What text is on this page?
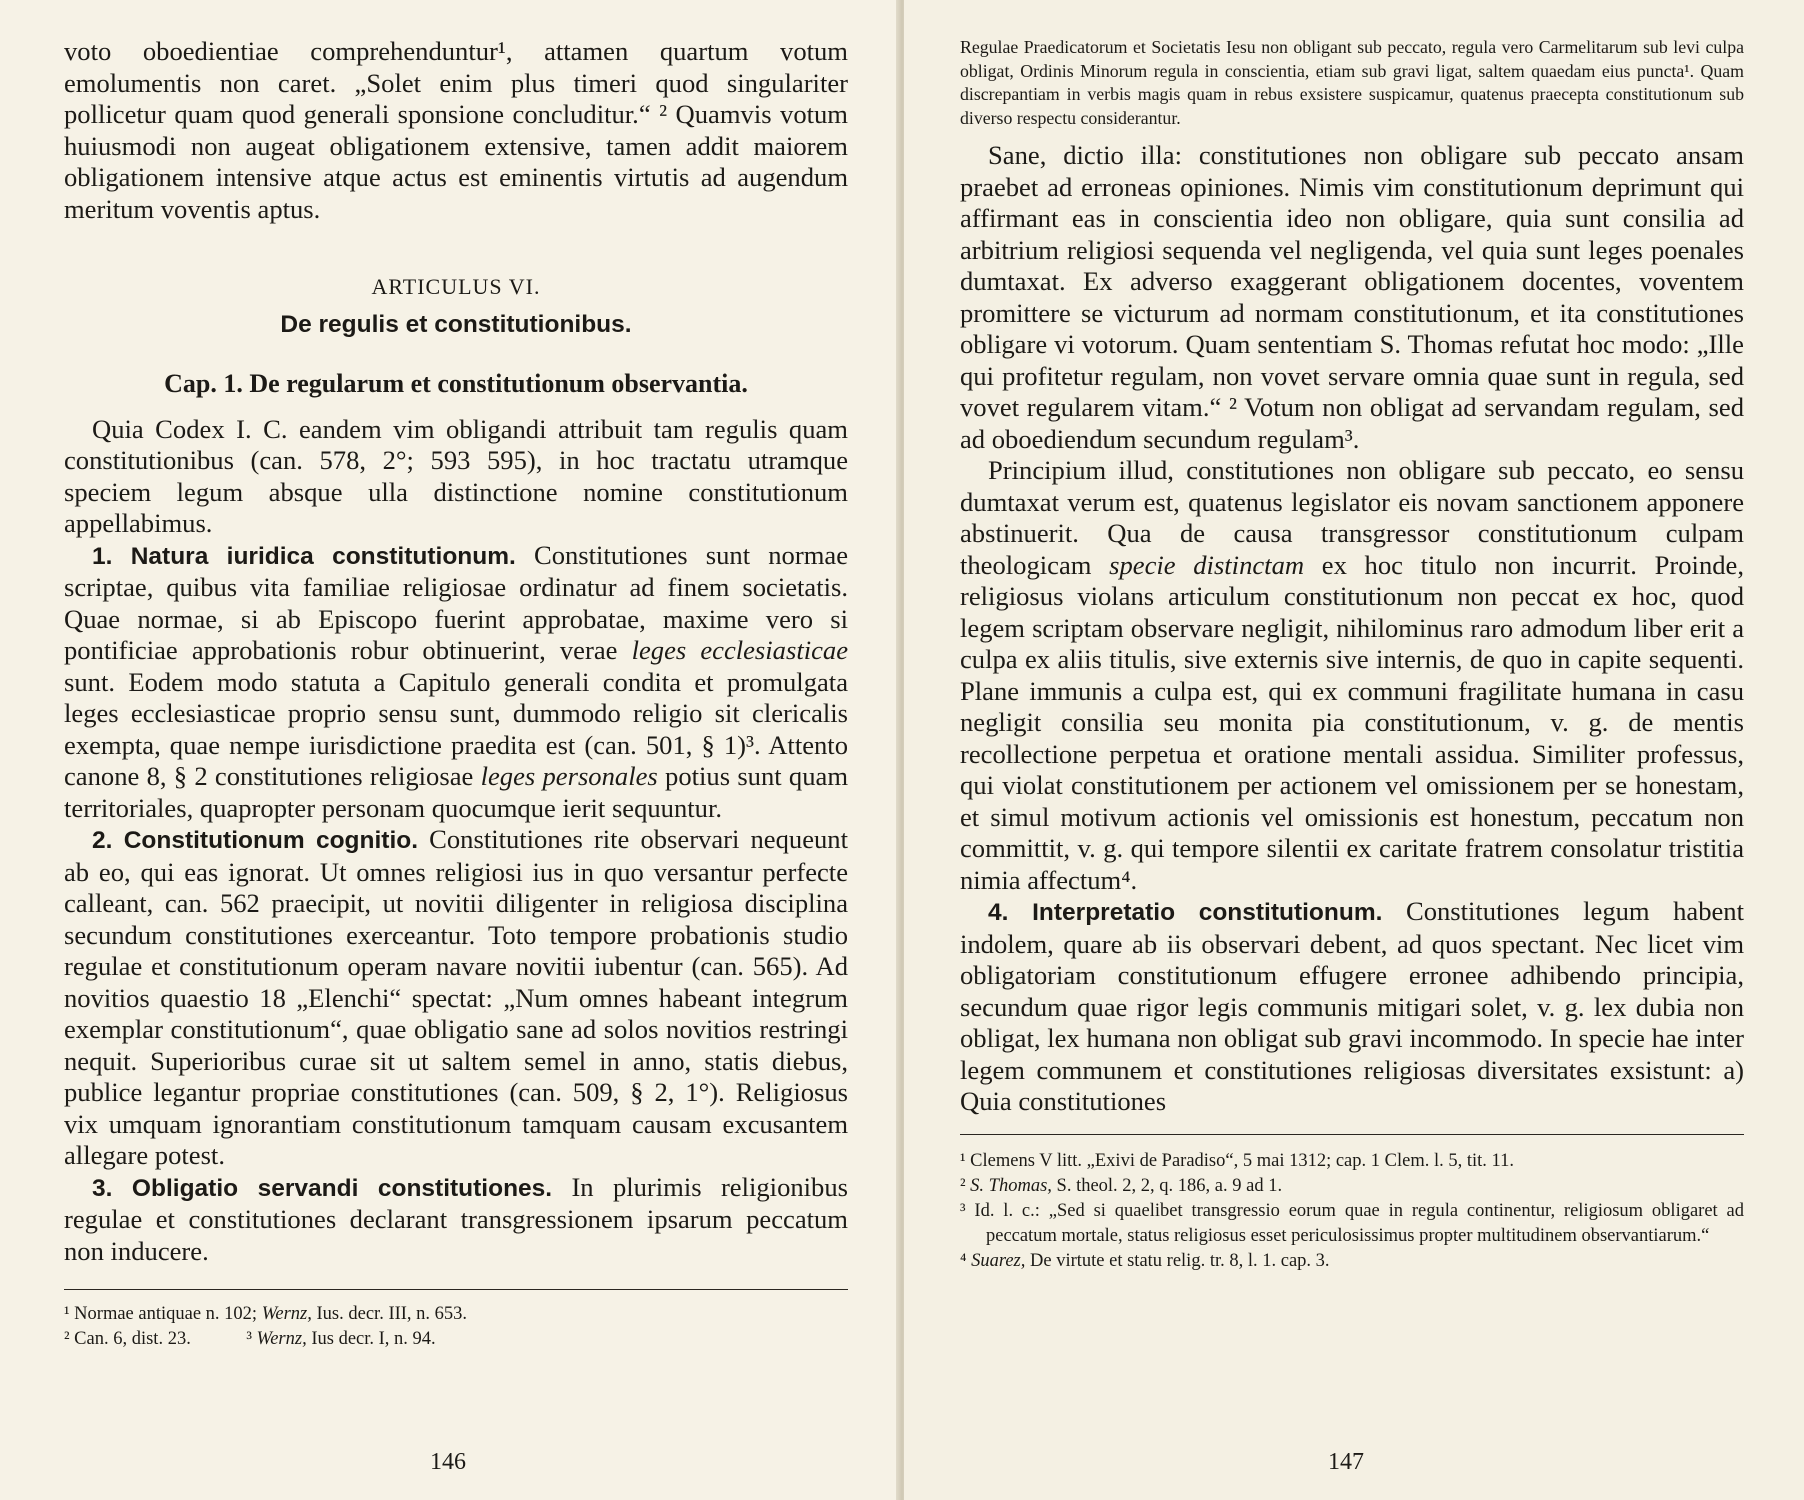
voto oboedientiae comprehenduntur¹, attamen quartum votum emolumentis non caret. „Solet enim plus timeri quod singulariter pollicetur quam quod generali sponsione concluditur.“ ² Quamvis votum huiusmodi non augeat obligationem extensive, tamen addit maiorem obligationem intensive atque actus est eminentis virtutis ad augendum meritum voventis aptus.

ARTICULUS VI.
De regulis et constitutionibus.
Cap. 1. De regularum et constitutionum observantia.

Quia Codex I. C. eandem vim obligandi attribuit tam regulis quam constitutionibus (can. 578, 2°; 593 595), in hoc tractatu utramque speciem legum absque ulla distinctione nomine constitutionum appellabimus.

1. Natura iuridica constitutionum. Constitutiones sunt normae scriptae, quibus vita familiae religiosae ordinatur ad finem societatis. Quae normae, si ab Episcopo fuerint approbatae, maxime vero si pontificiae approbationis robur obtinuerint, verae leges ecclesiasticae sunt. Eodem modo statuta a Capitulo generali condita et promulgata leges ecclesiasticae proprio sensu sunt, dummodo religio sit clericalis exempta, quae nempe iurisdictione praedita est (can. 501, § 1)³. Attento canone 8, § 2 constitutiones religiosae leges personales potius sunt quam territoriales, quapropter personam quocumque ierit sequuntur.

2. Constitutionum cognitio. Constitutiones rite observari nequeunt ab eo, qui eas ignorat. Ut omnes religiosi ius in quo versantur perfecte calleant, can. 562 praecipit, ut novitii diligenter in religiosa disciplina secundum constitutiones exerceantur. Toto tempore probationis studio regulae et constitutionum operam navare novitii iubentur (can. 565). Ad novitios quaestio 18 „Elenchi“ spectat: „Num omnes habeant integrum exemplar constitutionum“, quae obligatio sane ad solos novitios restringi nequit. Superioribus curae sit ut saltem semel in anno, statis diebus, publice legantur propriae constitutiones (can. 509, § 2, 1°). Religiosus vix umquam ignorantiam constitutionum tamquam causam excusantem allegare potest.

3. Obligatio servandi constitutiones. In plurimis religionibus regulae et constitutiones declarant transgressionem ipsarum peccatum non inducere.

¹ Normae antiquae n. 102; Wernz, Ius. decr. III, n. 653.

² Can. 6, dist. 23.   	³ Wernz, Ius decr. I, n. 94.

146

Regulae Praedicatorum et Societatis Iesu non obligant sub peccato, regula vero Carmelitarum sub levi culpa obligat, Ordinis Minorum regula in conscientia, etiam sub gravi ligat, saltem quaedam eius puncta¹. Quam discrepantiam in verbis magis quam in rebus exsistere suspicamur, quatenus praecepta constitutionum sub diverso respectu considerantur.

Sane, dictio illa: constitutiones non obligare sub peccato ansam praebet ad erroneas opiniones. Nimis vim constitutionum deprimunt qui affirmant eas in conscientia ideo non obligare, quia sunt consilia ad arbitrium religiosi sequenda vel negligenda, vel quia sunt leges poenales dumtaxat. Ex adverso exaggerant obligationem docentes, voventem promittere se victurum ad normam constitutionum, et ita constitutiones obligare vi votorum. Quam sententiam S. Thomas refutat hoc modo: „Ille qui profitetur regulam, non vovet servare omnia quae sunt in regula, sed vovet regularem vitam.“ ² Votum non obligat ad servandam regulam, sed ad oboediendum secundum regulam³.

Principium illud, constitutiones non obligare sub peccato, eo sensu dumtaxat verum est, quatenus legislator eis novam sanctionem apponere abstinuerit. Qua de causa transgressor constitutionum culpam theologicam specie distinctam ex hoc titulo non incurrit. Proinde, religiosus violans articulum constitutionum non peccat ex hoc, quod legem scriptam observare negligit, nihilominus raro admodum liber erit a culpa ex aliis titulis, sive externis sive internis, de quo in capite sequenti. Plane immunis a culpa est, qui ex communi fragilitate humana in casu negligit consilia seu monita pia constitutionum, v. g. de mentis recollectione perpetua et oratione mentali assidua. Similiter professus, qui violat constitutionem per actionem vel omissionem per se honestam, et simul motivum actionis vel omissionis est honestum, peccatum non committit, v. g. qui tempore silentii ex caritate fratrem consolatur tristitia nimia affectum⁴.

4. Interpretatio constitutionum. Constitutiones legum habent indolem, quare ab iis observari debent, ad quos spectant. Nec licet vim obligatoriam constitutionum effugere erronee adhibendo principia, secundum quae rigor legis communis mitigari solet, v. g. lex dubia non obligat, lex humana non obligat sub gravi incommodo. In specie hae inter legem communem et constitutiones religiosas diversitates exsistunt: a) Quia constitutiones

¹ Clemens V litt. „Exivi de Paradiso“, 5 mai 1312; cap. 1 Clem. l. 5, tit. 11.

² S. Thomas, S. theol. 2, 2, q. 186, a. 9 ad 1.

³ Id. l. c.: „Sed si quaelibet transgressio eorum quae in regula continentur, religiosum obligaret ad peccatum mortale, status religiosus esset periculosissimus propter multitudinem observantiarum.“

⁴ Suarez, De virtute et statu relig. tr. 8, l. 1. cap. 3.

147
